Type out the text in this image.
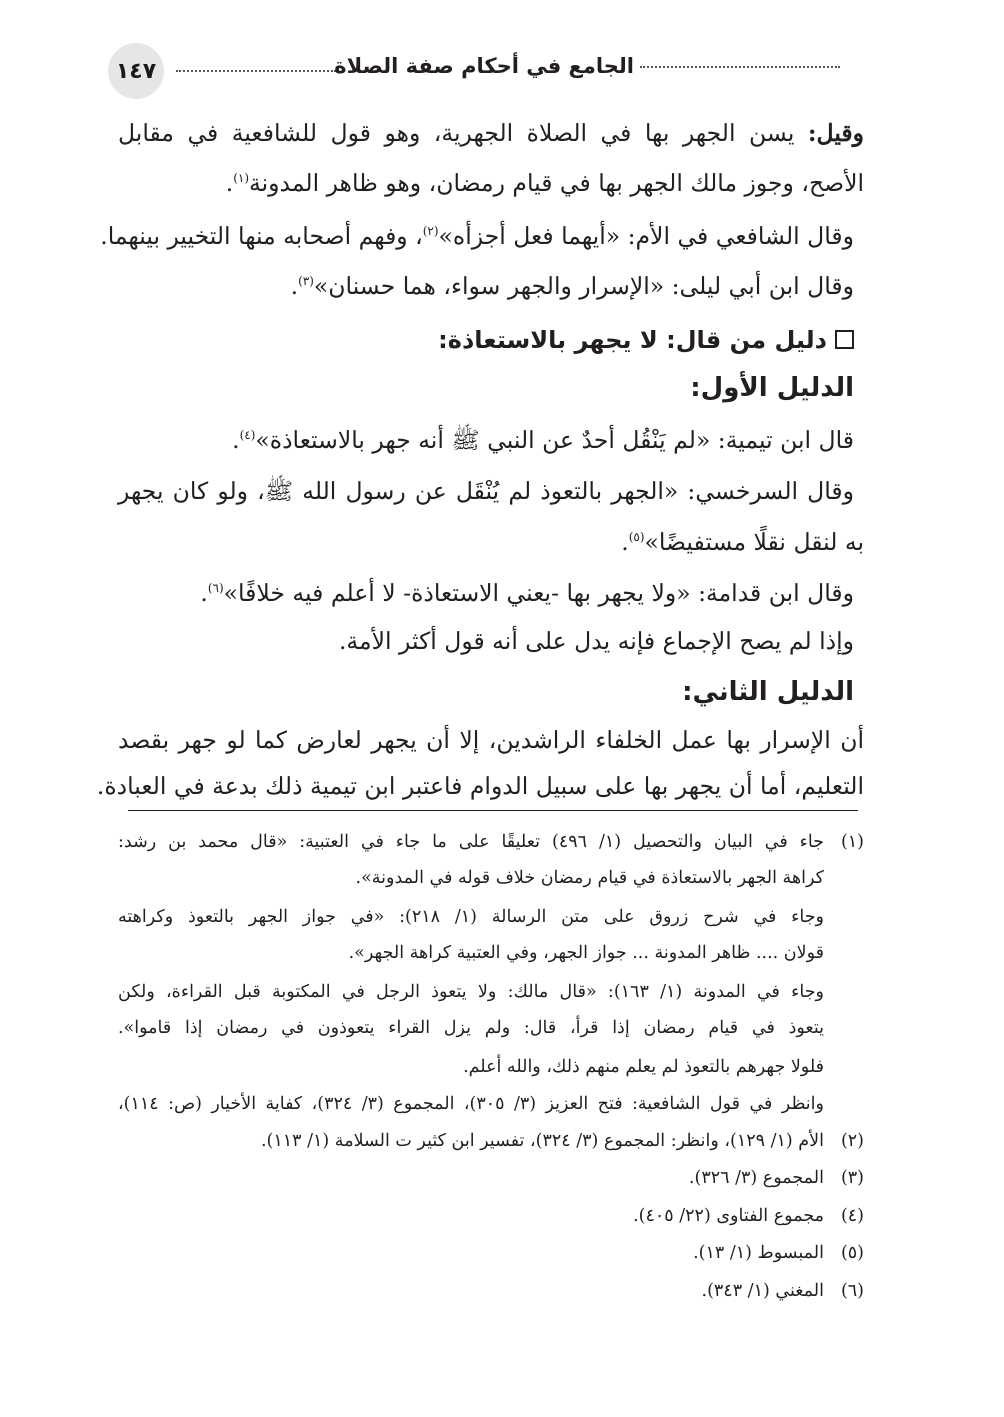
١٤٧	الجامع في أحكام صفة الصلاة
وقيل: يسن الجهر بها في الصلاة الجهرية، وهو قول للشافعية في مقابل
الأصح، وجوز مالك الجهر بها في قيام رمضان، وهو ظاهر المدونة$^{(١)}$.
وقال الشافعي في الأم: «أيهما فعل أجزأه»$^{(٢)}$، وفهم أصحابه منها التخيير بينهما.
وقال ابن أبي ليلى: «الإسرار والجهر سواء، هما حسنان»$^{(٣)}$.
دليل من قال: لا يجهر بالاستعاذة:
الدليل الأول:
قال ابن تيمية: «لم يَنْقُل أحدٌ عن النبي ﷺ أنه جهر بالاستعاذة»$^{(٤)}$.
وقال السرخسي: «الجهر بالتعوذ لم يُنْقَل عن رسول الله ﷺ، ولو كان يجهر
به لنقل نقلًا مستفيضًا»$^{(٥)}$.
وقال ابن قدامة: «ولا يجهر بها -يعني الاستعاذة- لا أعلم فيه خلافًا»$^{(٦)}$.
وإذا لم يصح الإجماع فإنه يدل على أنه قول أكثر الأمة.
الدليل الثاني:
أن الإسرار بها عمل الخلفاء الراشدين، إلا أن يجهر لعارض كما لو جهر بقصد
التعليم، أما أن يجهر بها على سبيل الدوام فاعتبر ابن تيمية ذلك بدعة في العبادة.
(١)
جاء في البيان والتحصيل (١/ ٤٩٦) تعليقًا على ما جاء في العتبية: «قال محمد بن رشد:
كراهة الجهر بالاستعاذة في قيام رمضان خلاف قوله في المدونة».
وجاء في شرح زروق على متن الرسالة (١/ ٢١٨): «في جواز الجهر بالتعوذ وكراهته
قولان .... ظاهر المدونة ... جواز الجهر، وفي العتبية كراهة الجهر».
وجاء في المدونة (١/ ١٦٣): «قال مالك: ولا يتعوذ الرجل في المكتوبة قبل القراءة، ولكن
يتعوذ في قيام رمضان إذا قرأ، قال: ولم يزل القراء يتعوذون في رمضان إذا قاموا».
فلولا جهرهم بالتعوذ لم يعلم منهم ذلك، والله أعلم.
وانظر في قول الشافعية: فتح العزيز (٣/ ٣٠٥)، المجموع (٣/ ٣٢٤)، كفاية الأخيار (ص: ١١٤)،
(٢)
الأم (١/ ١٢٩)، وانظر: المجموع (٣/ ٣٢٤)، تفسير ابن كثير ت السلامة (١/ ١١٣).
(٣)
المجموع (٣/ ٣٢٦).
(٤)
مجموع الفتاوى (٢٢/ ٤٠٥).
(٥)
المبسوط (١/ ١٣).
(٦)
المغني (١/ ٣٤٣).
